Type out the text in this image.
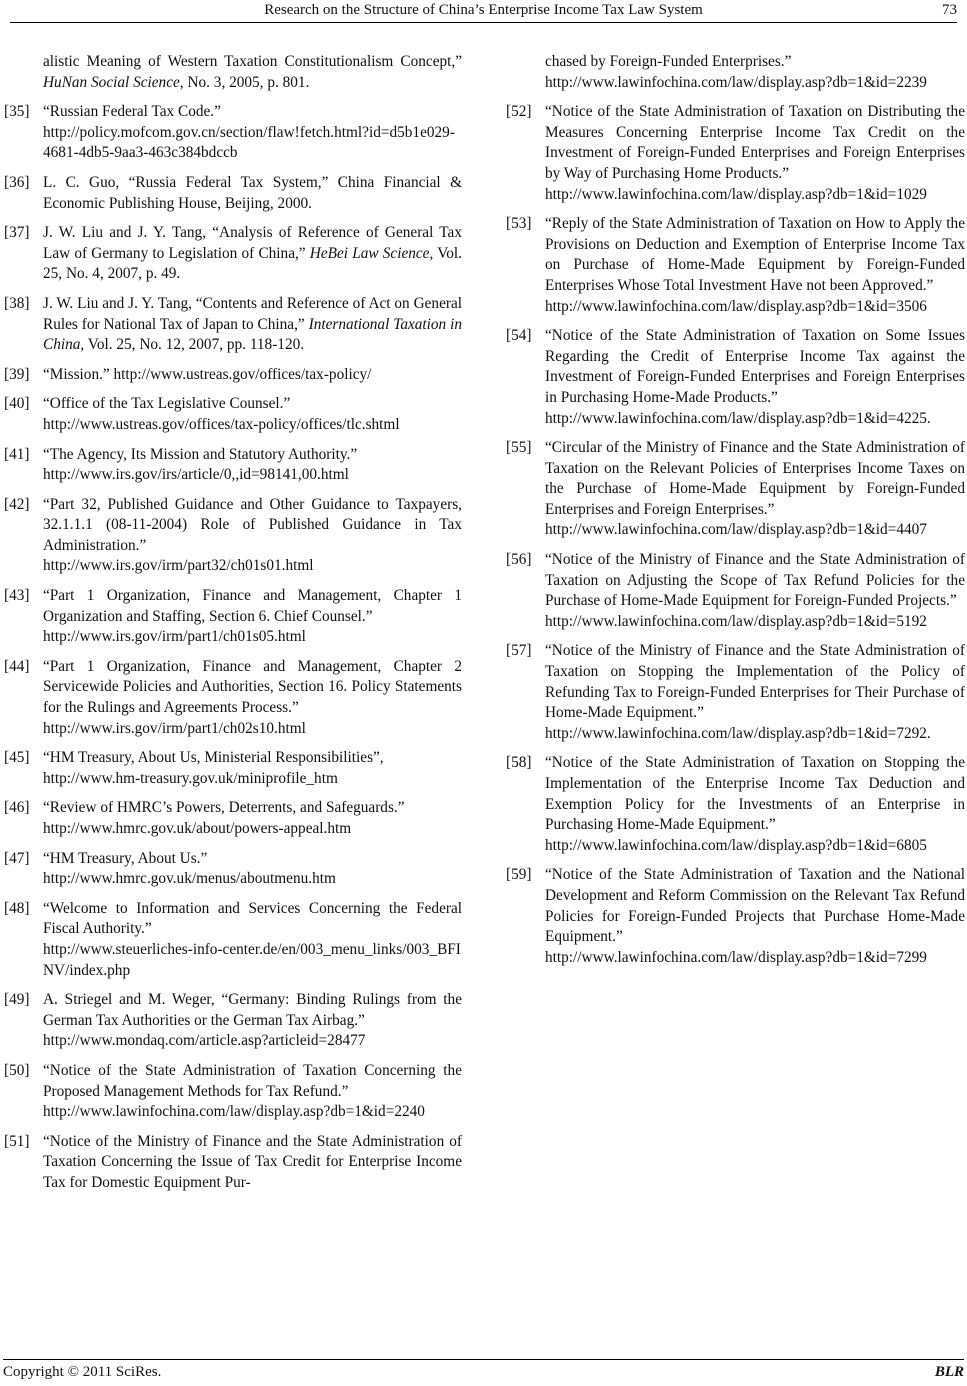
Research on the Structure of China’s Enterprise Income Tax Law System	73
alistic Meaning of Western Taxation Constitutionalism Concept,” HuNan Social Science, No. 3, 2005, p. 801.
[35] “Russian Federal Tax Code.”
http://policy.mofcom.gov.cn/section/flaw!fetch.html?id=d5b1e029-4681-4db5-9aa3-463c384bdccb
[36] L. C. Guo, “Russia Federal Tax System,” China Financial & Economic Publishing House, Beijing, 2000.
[37] J. W. Liu and J. Y. Tang, “Analysis of Reference of General Tax Law of Germany to Legislation of China,” HeBei Law Science, Vol. 25, No. 4, 2007, p. 49.
[38] J. W. Liu and J. Y. Tang, “Contents and Reference of Act on General Rules for National Tax of Japan to China,” International Taxation in China, Vol. 25, No. 12, 2007, pp. 118-120.
[39] “Mission.” http://www.ustreas.gov/offices/tax-policy/
[40] “Office of the Tax Legislative Counsel.”
http://www.ustreas.gov/offices/tax-policy/offices/tlc.shtml
[41] “The Agency, Its Mission and Statutory Authority.”
http://www.irs.gov/irs/article/0,,id=98141,00.html
[42] “Part 32, Published Guidance and Other Guidance to Taxpayers, 32.1.1.1 (08-11-2004) Role of Published Guidance in Tax Administration.”
http://www.irs.gov/irm/part32/ch01s01.html
[43] “Part 1 Organization, Finance and Management, Chapter 1 Organization and Staffing, Section 6. Chief Counsel.”
http://www.irs.gov/irm/part1/ch01s05.html
[44] “Part 1 Organization, Finance and Management, Chapter 2 Servicewide Policies and Authorities, Section 16. Policy Statements for the Rulings and Agreements Process.”
http://www.irs.gov/irm/part1/ch02s10.html
[45] “HM Treasury, About Us, Ministerial Responsibilities”,
http://www.hm-treasury.gov.uk/miniprofile_htm
[46] “Review of HMRC’s Powers, Deterrents, and Safeguards.”
http://www.hmrc.gov.uk/about/powers-appeal.htm
[47] “HM Treasury, About Us.”
http://www.hmrc.gov.uk/menus/aboutmenu.htm
[48] “Welcome to Information and Services Concerning the Federal Fiscal Authority.”
http://www.steuerliches-info-center.de/en/003_menu_links/003_BFINV/index.php
[49] A. Striegel and M. Weger, “Germany: Binding Rulings from the German Tax Authorities or the German Tax Airbag.”
http://www.mondaq.com/article.asp?articleid=28477
[50] “Notice of the State Administration of Taxation Concerning the Proposed Management Methods for Tax Refund.”
http://www.lawinfochina.com/law/display.asp?db=1&id=2240
[51] “Notice of the Ministry of Finance and the State Administration of Taxation Concerning the Issue of Tax Credit for Enterprise Income Tax for Domestic Equipment Pur-
chased by Foreign-Funded Enterprises.”
http://www.lawinfochina.com/law/display.asp?db=1&id=2239
[52] “Notice of the State Administration of Taxation on Distributing the Measures Concerning Enterprise Income Tax Credit on the Investment of Foreign-Funded Enterprises and Foreign Enterprises by Way of Purchasing Home Products.”
http://www.lawinfochina.com/law/display.asp?db=1&id=1029
[53] “Reply of the State Administration of Taxation on How to Apply the Provisions on Deduction and Exemption of Enterprise Income Tax on Purchase of Home-Made Equipment by Foreign-Funded Enterprises Whose Total Investment Have not been Approved.”
http://www.lawinfochina.com/law/display.asp?db=1&id=3506
[54] “Notice of the State Administration of Taxation on Some Issues Regarding the Credit of Enterprise Income Tax against the Investment of Foreign-Funded Enterprises and Foreign Enterprises in Purchasing Home-Made Products.”
http://www.lawinfochina.com/law/display.asp?db=1&id=4225.
[55] “Circular of the Ministry of Finance and the State Administration of Taxation on the Relevant Policies of Enterprises Income Taxes on the Purchase of Home-Made Equipment by Foreign-Funded Enterprises and Foreign Enterprises.”
http://www.lawinfochina.com/law/display.asp?db=1&id=4407
[56] “Notice of the Ministry of Finance and the State Administration of Taxation on Adjusting the Scope of Tax Refund Policies for the Purchase of Home-Made Equipment for Foreign-Funded Projects.”
http://www.lawinfochina.com/law/display.asp?db=1&id=5192
[57] “Notice of the Ministry of Finance and the State Administration of Taxation on Stopping the Implementation of the Policy of Refunding Tax to Foreign-Funded Enterprises for Their Purchase of Home-Made Equipment.”
http://www.lawinfochina.com/law/display.asp?db=1&id=7292.
[58] “Notice of the State Administration of Taxation on Stopping the Implementation of the Enterprise Income Tax Deduction and Exemption Policy for the Investments of an Enterprise in Purchasing Home-Made Equipment.”
http://www.lawinfochina.com/law/display.asp?db=1&id=6805
[59] “Notice of the State Administration of Taxation and the National Development and Reform Commission on the Relevant Tax Refund Policies for Foreign-Funded Projects that Purchase Home-Made Equipment.”
http://www.lawinfochina.com/law/display.asp?db=1&id=7299
Copyright © 2011 SciRes.	BLR
